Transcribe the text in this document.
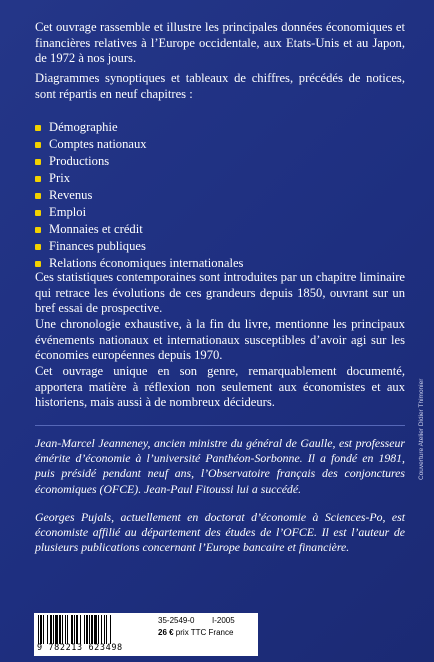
Cet ouvrage rassemble et illustre les principales données économiques et financières relatives à l’Europe occidentale, aux Etats-Unis et au Japon, de 1972 à nos jours.
Diagrammes synoptiques et tableaux de chiffres, précédés de notices, sont répartis en neuf chapitres :
Démographie
Comptes nationaux
Productions
Prix
Revenus
Emploi
Monnaies et crédit
Finances publiques
Relations économiques internationales
Ces statistiques contemporaines sont introduites par un chapitre liminaire qui retrace les évolutions de ces grandeurs depuis 1850, ouvrant sur un bref essai de prospective.
Une chronologie exhaustive, à la fin du livre, mentionne les principaux événements nationaux et internationaux susceptibles d’avoir agi sur les économies européennes depuis 1970.
Cet ouvrage unique en son genre, remarquablement documenté, apportera matière à réflexion non seulement aux économistes et aux historiens, mais aussi à de nombreux décideurs.
Jean-Marcel Jeanneney, ancien ministre du général de Gaulle, est professeur émérite d’économie à l’université Panthéon-Sorbonne. Il a fondé en 1981, puis présidé pendant neuf ans, l’Observatoire français des conjonctures économiques (OFCE). Jean-Paul Fitoussi lui a succédé.
Georges Pujals, actuellement en doctorat d’économie à Sciences-Po, est économiste affilié au département des études de l’OFCE. Il est l’auteur de plusieurs publications concernant l’Europe bancaire et financière.
9 782213 623498
35-2549-0 I-2005
26 € prix TTC France
Couverture Atelier Didier Thimonier
